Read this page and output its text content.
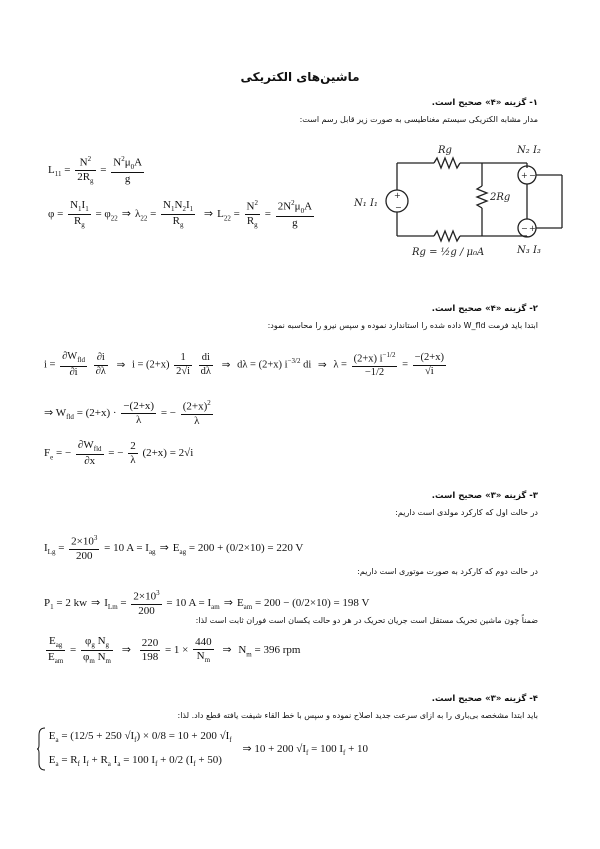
ماشین‌های الکتریکی
۱- گزینه «۴» صحیح است.
مدار مشابه الکتریکی سیستم مغناطیسی به صورت زیر قابل رسم است:
$L_{11} = \frac{N^2}{2R_g} = \frac{N^2\mu_0A}{g}$
$\varphi = \frac{N_1I_1}{R_g} = \varphi_{22}$ ⇒ $\lambda_{22} = \frac{N_1N_2I_1}{R_g}$ ⇒ $L_{22} = \frac{N^2}{R_g} = \frac{2N^2\mu_0A}{g}$
+
−
+ −
− +
Rg
Rg = ½g / μ₀A
2Rg
N₁ I₁
N₂ I₂
N₃ I₃
۲- گزینه «۴» صحیح است.
ابتدا باید فرمت W_fld داده شده را استاندارد نموده و سپس نیرو را محاسبه نمود:
$i = \frac{\partial W_{fld}}{\partial i}$
$\frac{\partial i}{\partial\lambda}$ ⇒ $i = (2+x) \frac{1}{2√i}$
$\frac{di}{d\lambda}$ ⇒ dλ = (2+x) $i^{-3/2}$ di ⇒ $\lambda = \frac{(2+x) i^{-1/2}}{-1/2} = \frac{-(2+x)}{√i}$
⇒ $W_{fld} = (2+x) \cdot \frac{-(2+x)}{\lambda}$ = − $\frac{(2+x)^2}{\lambda}$
$F_e$ = − $\frac{\partial W_{fld}}{\partial x}$ = − $\frac{2}{\lambda} (2+x) = 2√i$
۳- گزینه «۳» صحیح است.
در حالت اول که کارکرد مولدی است داریم:
$I_{Lg} = \frac{2\times 10^3}{200} = 10$ $A = I_{ag}$ ⇒ $E_{ag} = 200 + (0/2\times 10) = 220$ V
در حالت دوم که کارکرد به صورت موتوری است داریم:
$P_1 = 2$ kw ⇒ $I_{Lm} = \frac{2\times 10^3}{200} = 10$ $A = I_{am}$ ⇒ $E_{am} = 200 - (0/2\times 10) = 198$ V
ضمناً چون ماشین تحریک مستقل است جریان تحریک در هر دو حالت یکسان است فوران ثابت است لذا:
$\frac{E_{ag}}{E_{am}} = \frac{\varphi_g N_g}{\varphi_m N_m}$ ⇒ $\frac{220}{198} = 1 \times \frac{440}{N_m}$ ⇒ $N_m = 396$ rpm
۴- گزینه «۳» صحیح است.
باید ابتدا مشخصه بی‌باری را به ازای سرعت جدید اصلاح نموده و سپس با خط القاء شیفت یافته قطع داد. لذا:

$E_a = (12/5 + 250$ $√I_f) \times 0/8 = 10 + 200$ $√I_f$
$E_a = R_f$ $I_f + R_a$ $I_a = 100$ $I_f + 0/2$ $(I_f + 50)$
⇒ 10 + 200 $√I_f = 100$ $I_f + 10$
